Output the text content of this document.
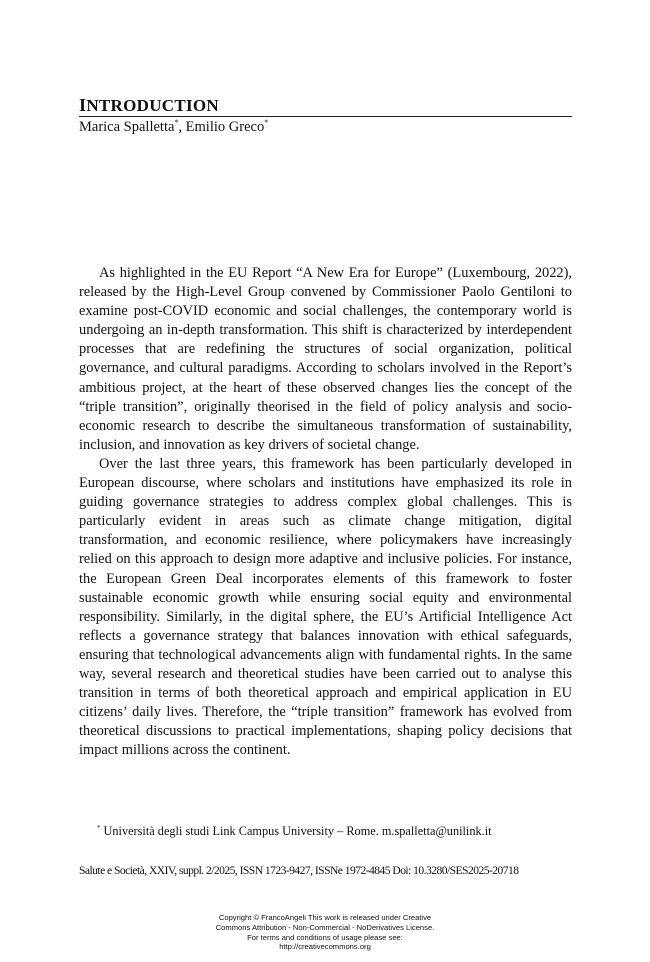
INTRODUCTION
Marica Spalletta*, Emilio Greco*

As highlighted in the EU Report “A New Era for Europe” (Luxembourg, 2022), released by the High-Level Group convened by Commissioner Paolo Gentiloni to examine post-COVID economic and social challenges, the contemporary world is undergoing an in-depth transformation. This shift is characterized by interdependent processes that are redefining the structures of social organization, political governance, and cultural paradigms. According to scholars involved in the Report’s ambitious project, at the heart of these observed changes lies the concept of the “triple transition”, originally theorised in the field of policy analysis and socio-economic research to describe the simultaneous transformation of sustainability, inclusion, and innovation as key drivers of societal change.

Over the last three years, this framework has been particularly developed in European discourse, where scholars and institutions have emphasized its role in guiding governance strategies to address complex global challenges. This is particularly evident in areas such as climate change mitigation, digital transformation, and economic resilience, where policymakers have increasingly relied on this approach to design more adaptive and inclusive policies. For instance, the European Green Deal incorporates elements of this framework to foster sustainable economic growth while ensuring social equity and environmental responsibility. Similarly, in the digital sphere, the EU’s Artificial Intelligence Act reflects a governance strategy that balances innovation with ethical safeguards, ensuring that technological advancements align with fundamental rights. In the same way, several research and theoretical studies have been carried out to analyse this transition in terms of both theoretical approach and empirical application in EU citizens’ daily lives. Therefore, the “triple transition” framework has evolved from theoretical discussions to practical implementations, shaping policy decisions that impact millions across the continent.

* Università degli studi Link Campus University – Rome. m.spalletta@unilink.it
Salute e Società, XXIV, suppl. 2/2025, ISSN 1723-9427, ISSNe 1972-4845 Doi: 10.3280/SES2025-20718
Copyright © FrancoAngeli This work is released under Creative
Commons Attribution - Non-Commercial - NoDerivatives License.
For terms and conditions of usage please see:
http://creativecommons.org
